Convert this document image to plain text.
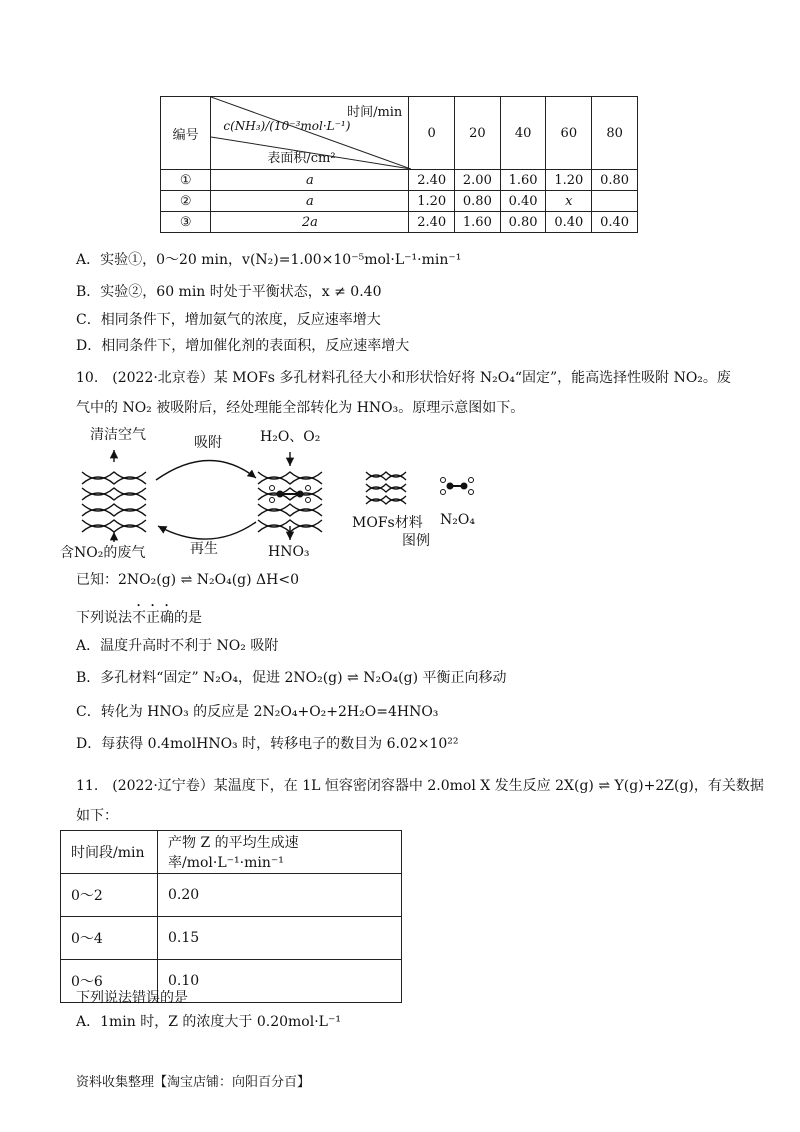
编号	时间/min
c(NH₃)/(10⁻³mol·L⁻¹)
表面积/cm²	0	20	40	60	80
①	a	2.40	2.00	1.60	1.20	0.80
②	a	1.20	0.80	0.40	x	
③	2a	2.40	1.60	0.80	0.40	0.40
A．实验①，0～20 min，v(N₂)=1.00×10⁻⁵mol·L⁻¹·min⁻¹
B．实验②，60 min 时处于平衡状态，x ≠ 0.40
C．相同条件下，增加氨气的浓度，反应速率增大
D．相同条件下，增加催化剂的表面积，反应速率增大
10.　(2022·北京卷）某 MOFs 多孔材料孔径大小和形状恰好将 N₂O₄“固定”，能高选择性吸附 NO₂。废
气中的 NO₂ 被吸附后，经处理能全部转化为 HNO₃。原理示意图如下。
清洁空气	吸附	H₂O、O₂
含NO₂的废气	再生	HNO₃
MOFs材料 N₂O₄
图例
已知：2NO₂(g) ⇌ N₂O₄(g) ΔH<0
下列说法不正确的是
A．温度升高时不利于 NO₂ 吸附
B．多孔材料“固定” N₂O₄，促进 2NO₂(g) ⇌ N₂O₄(g) 平衡正向移动
C．转化为 HNO₃ 的反应是 2N₂O₄+O₂+2H₂O=4HNO₃
D．每获得 0.4molHNO₃ 时，转移电子的数目为 6.02×10²²
11.　(2022·辽宁卷）某温度下，在 1L 恒容密闭容器中 2.0mol X 发生反应 2X(g) ⇌ Y(g)+2Z(g)，有关数据
如下：
时间段/min	产物 Z 的平均生成速率/mol·L⁻¹·min⁻¹
0～2	0.20
0～4	0.15
0～6	0.10
下列说法错误的是
A．1min 时，Z 的浓度大于 0.20mol·L⁻¹
资料收集整理【淘宝店铺：向阳百分百】
